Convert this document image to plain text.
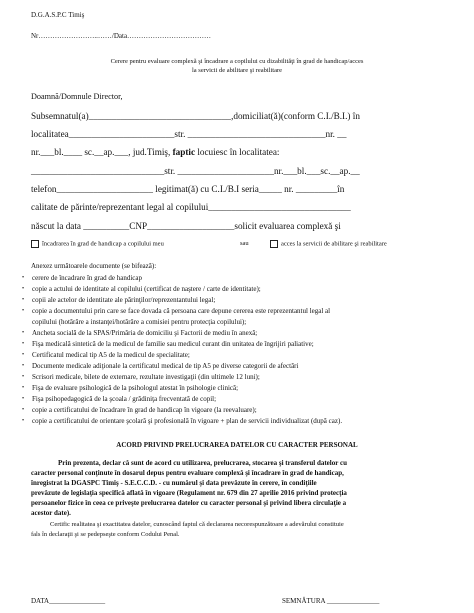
D.G.A.S.P.C Timiş
Nr……………………..……/Data………………………………
Cerere pentru evaluare complexă şi încadrare a copilului cu dizabilităţi în grad de handicap/acces
la servicii de abilitare şi reabilitare
Doamnă/Domnule Director,
Subsemnatul(a)_______________________________,domiciliat(ă)(conform C.I./B.I.) în
localitatea_______________________str. ______________________________nr. __
nr.___bl.____ sc.__ap.___, jud.Timiş, faptic locuiesc în localitatea:
_____________________________str. _____________________nr.___bl.___sc.__ap.__
telefon_____________________ legitimat(ă) cu C.I./B.I seria_____ nr. _________în
calitate de părinte/reprezentant legal al copilului_______________________________
născut la data __________CNP___________________solicit evaluarea complexă şi
încadrarea în grad de handicap a copilului meu	sau	acces la servicii de abilitare şi reabilitare
Anexez următoarele documente (se bifează):
• cerere de încadrare în grad de handicap
• copie a actului de identitate al copilului (certificat de naştere / carte de identitate);
• copii ale actelor de identitate ale părinţilor/reprezentantului legal;
• copie a documentului prin care se face dovada că persoana care depune cererea este reprezentantul legal al
• Ancheta socială de la SPAS/Primăria de domiciliu şi Factorii de mediu în anexă;
• Fişa medicală sintetică de la medicul de familie sau medicul curant din unitatea de îngrijiri paliative;
• Certificatul medical tip A5 de la medicul de specialitate;
• Documente medicale adiţionale la certificatul medical de tip A5 pe diverse categorii de afectări
• Scrisori medicale, bilete de externare, rezultate investigaţii (din ultimele 12 luni);
• Fişa de evaluare psihologică de la psihologul atestat în psihologie clinică;
• Fişa psihopedagogică de la şcoala / grădiniţa frecventată de copil;
• copie a certificatului de încadrare în grad de handicap în vigoare (la reevaluare);
• copie a certificatului de orientare şcolară şi profesională în vigoare + plan de servicii individualizat (după caz).
copilului (hotărâre a instanţei/hotărâre a comisiei pentru protecţia copilului);
ACORD PRIVIND PRELUCRAREA DATELOR CU CARACTER PERSONAL
Prin prezenta, declar că sunt de acord cu utilizarea, prelucrarea, stocarea şi transferul datelor cu
caracter personal conţinute în dosarul depus pentru evaluare complexă şi încadrare în grad de handicap,
înregistrat la DGASPC Timiş - S.E.C.C.D. - cu numărul şi data prevăzute în cerere, în condiţiile
prevăzute de legislaţia specifică aflată în vigoare (Regulament nr. 679 din 27 aprilie 2016 privind protecţia
persoanelor fizice în ceea ce priveşte prelucrarea datelor cu caracter personal şi privind libera circulaţie a
acestor date).
Certific realitatea şi exactitatea datelor, cunoscând faptul că declararea necorespunzătoare a adevărului constituie
fals în declaraţii şi se pedepseşte conform Codului Penal.
DATA________________	SEMNĂTURA _______________
